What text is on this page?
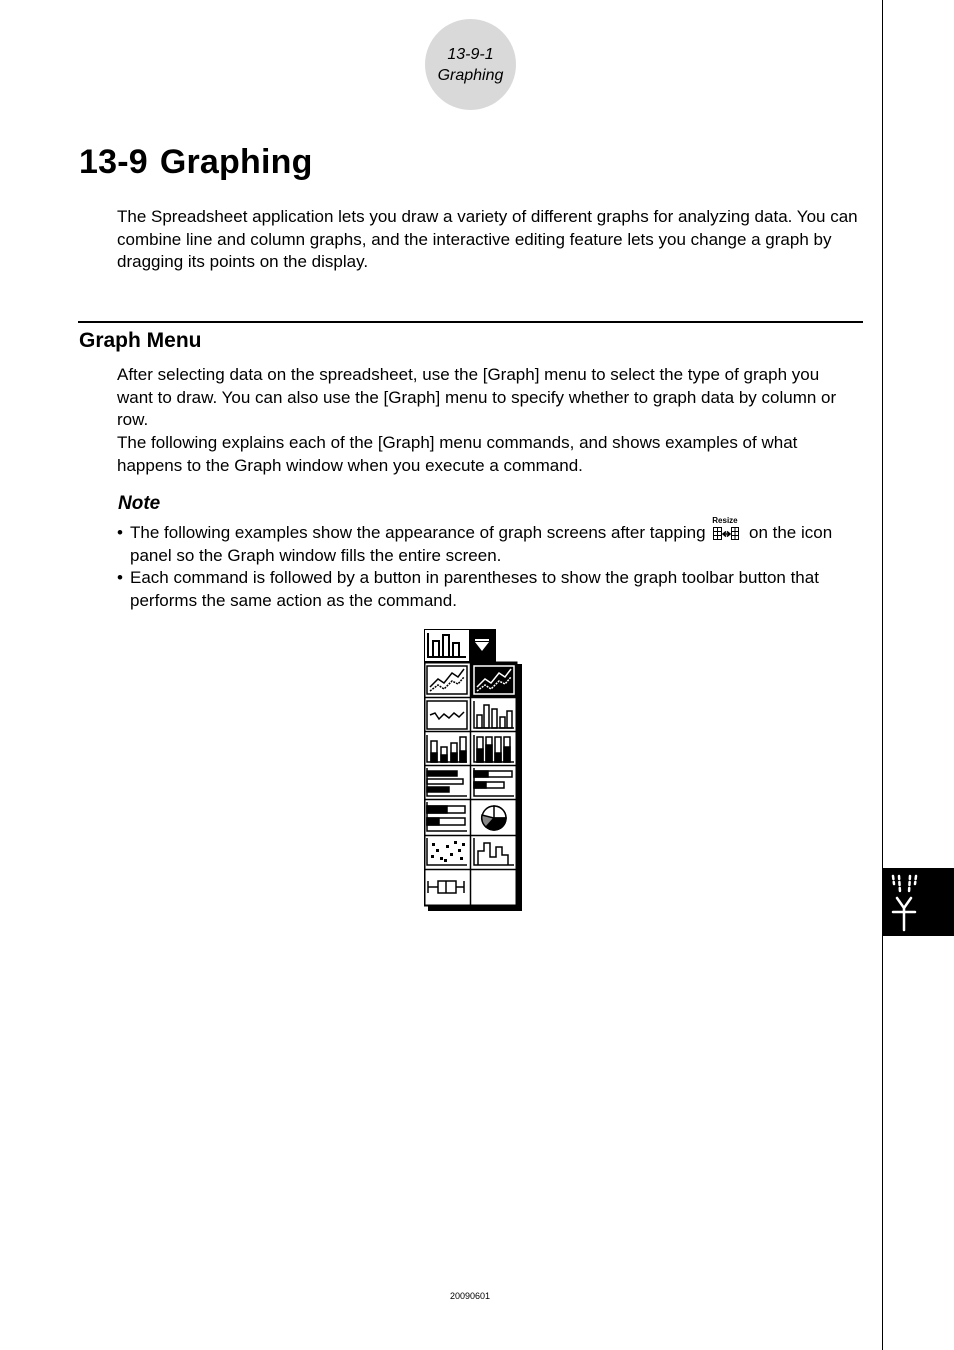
13-9-1
Graphing
13-9 Graphing

The Spreadsheet application lets you draw a variety of different graphs for analyzing data. You can combine line and column graphs, and the interactive editing feature lets you change a graph by dragging its points on the display.

Graph Menu

After selecting data on the spreadsheet, use the [Graph] menu to select the type of graph you want to draw. You can also use the [Graph] menu to specify whether to graph data by column or row.

The following explains each of the [Graph] menu commands, and shows examples of what happens to the Graph window when you execute a command.

Note
• The following examples show the appearance of graph screens after tapping
Resize
on the icon panel so the Graph window fills the entire screen.
• Each command is followed by a button in parentheses to show the graph toolbar button that performs the same action as the command.
20090601
